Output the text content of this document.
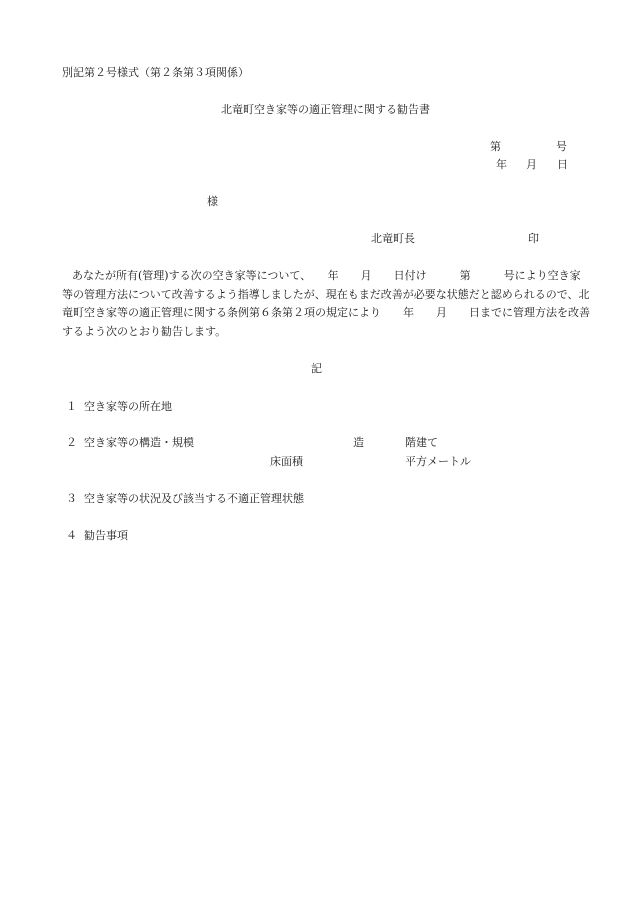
別記第２号様式（第２条第３項関係）
北竜町空き家等の適正管理に関する勧告書
第	号
年 月 日
様
北竜町長	印
あなたが所有(管理)する次の空き家等について、　　年　　月　　日付け　　　第　　　号により空き家
等の管理方法について改善するよう指導しましたが、現在もまだ改善が必要な状態だと認められるので、北
竜町空き家等の適正管理に関する条例第６条第２項の規定により　　年　　月　　日までに管理方法を改善
するよう次のとおり勧告します。
記
１ 空き家等の所在地
２ 空き家等の構造・規模	造	階建て
床面積	平方メートル
３ 空き家等の状況及び該当する不適正管理状態
４ 勧告事項
